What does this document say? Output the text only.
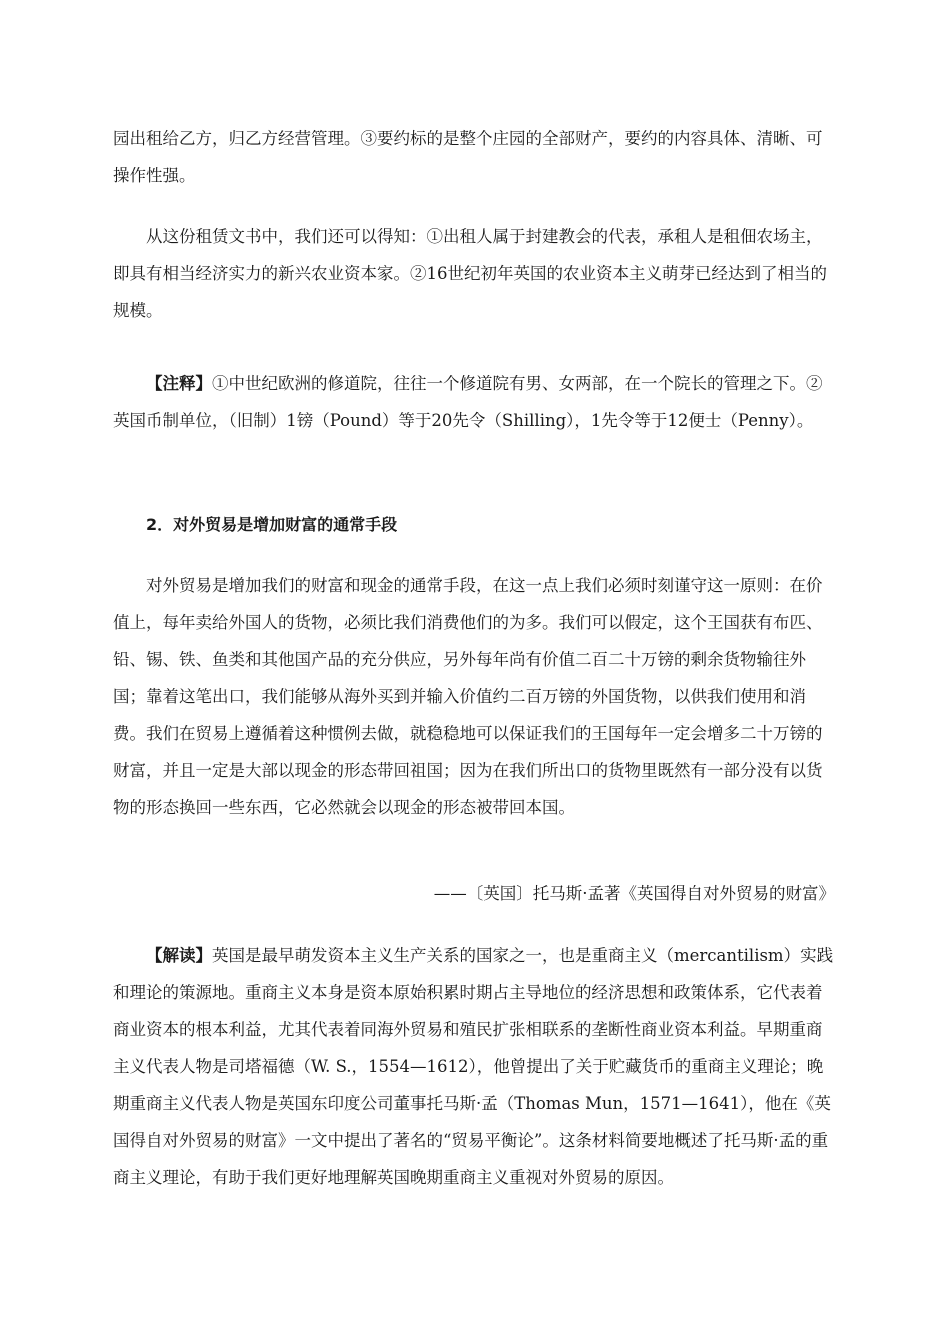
园出租给乙方，归乙方经营管理。③要约标的是整个庄园的全部财产，要约的内容具体、清晰、可操作性强。

从这份租赁文书中，我们还可以得知：①出租人属于封建教会的代表，承租人是租佃农场主，即具有相当经济实力的新兴农业资本家。②16世纪初年英国的农业资本主义萌芽已经达到了相当的规模。

【注释】①中世纪欧洲的修道院，往往一个修道院有男、女两部，在一个院长的管理之下。②英国币制单位，（旧制）1镑（Pound）等于20先令（Shilling），1先令等于12便士（Penny）。

2．对外贸易是增加财富的通常手段

对外贸易是增加我们的财富和现金的通常手段，在这一点上我们必须时刻谨守这一原则：在价值上，每年卖给外国人的货物，必须比我们消费他们的为多。我们可以假定，这个王国获有布匹、铅、锡、铁、鱼类和其他国产品的充分供应，另外每年尚有价值二百二十万镑的剩余货物输往外国；靠着这笔出口，我们能够从海外买到并输入价值约二百万镑的外国货物，以供我们使用和消费。我们在贸易上遵循着这种惯例去做，就稳稳地可以保证我们的王国每年一定会增多二十万镑的财富，并且一定是大部以现金的形态带回祖国；因为在我们所出口的货物里既然有一部分没有以货物的形态换回一些东西，它必然就会以现金的形态被带回本国。

——〔英国〕托马斯·孟著《英国得自对外贸易的财富》

【解读】英国是最早萌发资本主义生产关系的国家之一，也是重商主义（mercantilism）实践和理论的策源地。重商主义本身是资本原始积累时期占主导地位的经济思想和政策体系，它代表着商业资本的根本利益，尤其代表着同海外贸易和殖民扩张相联系的垄断性商业资本利益。早期重商主义代表人物是司塔福德（W. S.，1554—1612），他曾提出了关于贮藏货币的重商主义理论；晚期重商主义代表人物是英国东印度公司董事托马斯·孟（Thomas Mun，1571—1641），他在《英国得自对外贸易的财富》一文中提出了著名的“贸易平衡论”。这条材料简要地概述了托马斯·孟的重商主义理论，有助于我们更好地理解英国晚期重商主义重视对外贸易的原因。
